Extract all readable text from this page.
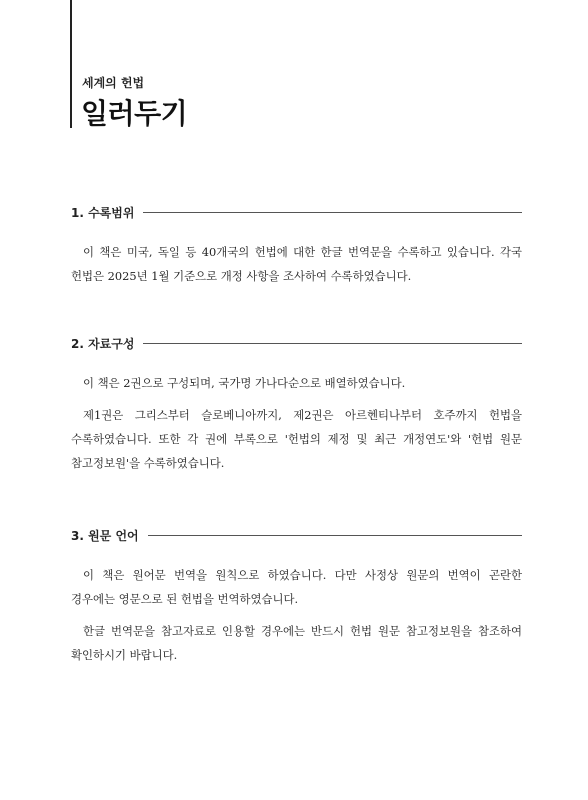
세계의 헌법
일러두기
1. 수록범위

이 책은 미국, 독일 등 40개국의 헌법에 대한 한글 번역문을 수록하고 있습니다. 각국 헌법은 2025년 1월 기준으로 개정 사항을 조사하여 수록하였습니다.

2. 자료구성

이 책은 2권으로 구성되며, 국가명 가나다순으로 배열하였습니다.

제1권은 그리스부터 슬로베니아까지, 제2권은 아르헨티나부터 호주까지 헌법을 수록하였습니다. 또한 각 권에 부록으로 '헌법의 제정 및 최근 개정연도'와 '헌법 원문 참고정보원'을 수록하였습니다.

3. 원문 언어

이 책은 원어문 번역을 원칙으로 하였습니다. 다만 사정상 원문의 번역이 곤란한 경우에는 영문으로 된 헌법을 번역하였습니다.

한글 번역문을 참고자료로 인용할 경우에는 반드시 헌법 원문 참고정보원을 참조하여 확인하시기 바랍니다.
